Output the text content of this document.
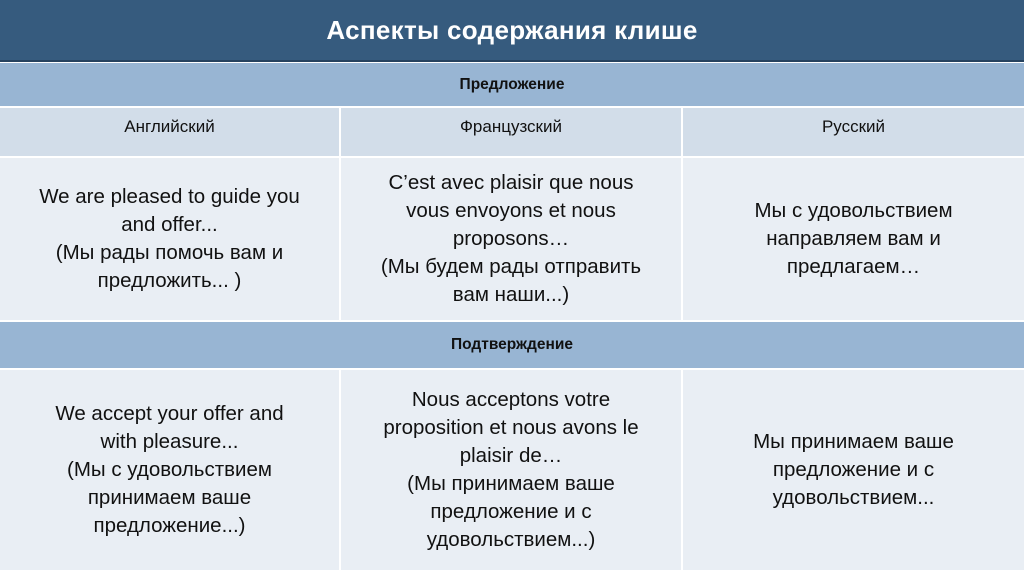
Аспекты содержания клише
Предложение
Английский	Французский	Русский
We are pleased to guide you
and offer...
(Мы рады помочь вам и
предложить... )
C’est avec plaisir que nous
vous envoyons et nous
proposons…
(Мы будем рады отправить
вам наши...)
Мы с удовольствием
направляем вам и
предлагаем…
Подтверждение
We accept your offer and
with pleasure...
(Мы с удовольствием
принимаем ваше
предложение...)
Nous acceptons votre
proposition et nous avons le
plaisir de…
(Мы принимаем ваше
предложение и с
удовольствием...)
Мы принимаем ваше
предложение и с
удовольствием...
